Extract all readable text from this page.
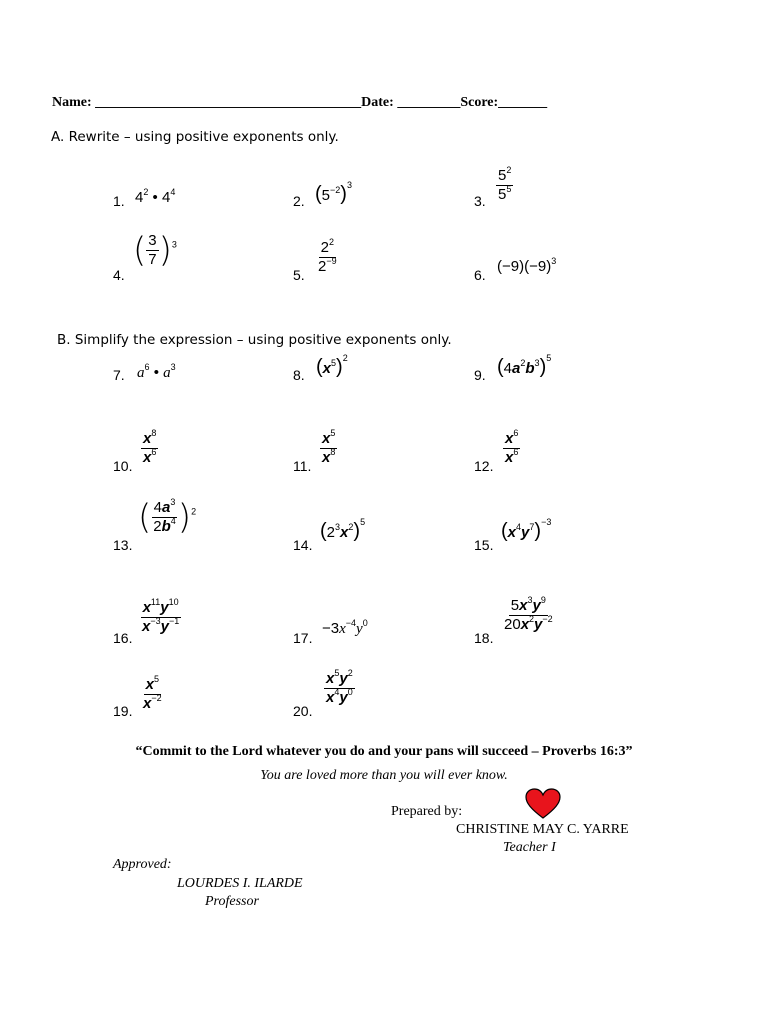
Name: ______________________________________Date: _________Score:_______
A. Rewrite – using positive exponents only.
1. $4^2$ • $4^4$
2. $(5^{-2})^3$
3. $\frac{5^2}{5^5}$
4.
( $\frac{3}{7} )^3$
5. $\frac{2^2}{2^{-9}}$	6. $(-9)(-9)^3$
B. Simplify the expression – using positive exponents only.
7. $a^6$ • $a^3$	8. $(x^5)^2$
9. $(4a^2b^3)^5$
10. $\frac{x^8}{x^6}$	11. $\frac{x^5}{x^8}$	12. $\frac{x^6}{x^6}$
13.
( $\frac{4a^3}{2b^4} )^2$
14.
$(2^3x^2)^5$
15.
$(x^4y^7)^{-3}$
16.
$\frac{x^{11}y^{10}}{x^{-3}y^{-1}}$
17.
$-3x^{-4}y^0$
18.
$\frac{5x^3y^9}{20x^2y^{-2}}$
19. $\frac{x^5}{x^{-2}}$	20.
$\frac{x^5y^2}{x^4y^0}$
“Commit to the Lord whatever you do and your pans will succeed – Proverbs 16:3”
You are loved more than you will ever know.
Prepared by:
CHRISTINE MAY C. YARRE
Teacher I
Approved:
LOURDES I. ILARDE
Professor
